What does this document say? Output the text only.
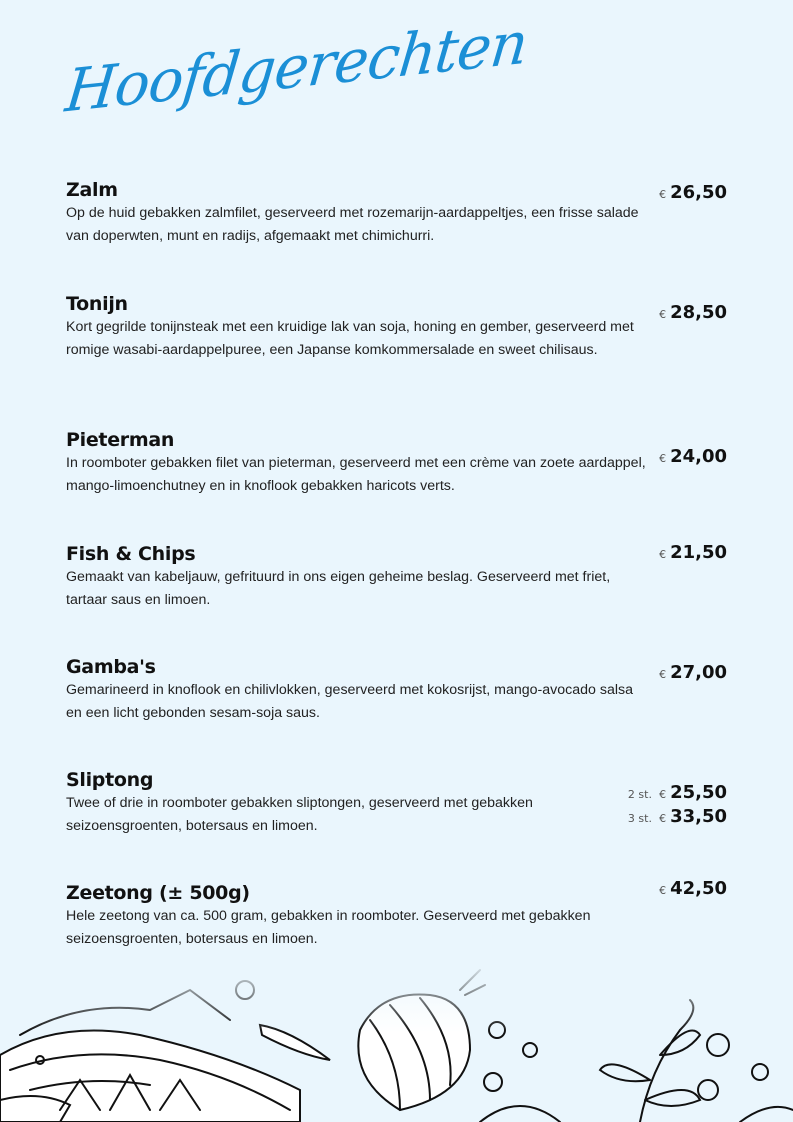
Hoofdgerechten
Zalm
Op de huid gebakken zalmfilet, geserveerd met rozemarijn-aardappeltjes, een frisse salade van doperwten, munt en radijs, afgemaakt met chimichurri.
€ 26,50
Tonijn
Kort gegrilde tonijnsteak met een kruidige lak van soja, honing en gember, geserveerd met romige wasabi-aardappelpuree, een Japanse komkommersalade en sweet chilisaus.
€ 28,50
Pieterman
In roomboter gebakken filet van pieterman, geserveerd met een crème van zoete aardappel, mango-limoenchutney en in knoflook gebakken haricots verts.
€ 24,00
Fish & Chips
Gemaakt van kabeljauw, gefrituurd in ons eigen geheime beslag. Geserveerd met friet, tartaar saus en limoen.
€ 21,50
Gamba's
Gemarineerd in knoflook en chilivlokken, geserveerd met kokosrijst, mango-avocado salsa en een licht gebonden sesam-soja saus.
€ 27,00
Sliptong
Twee of drie in roomboter gebakken sliptongen, geserveerd met gebakken seizoensgroenten, botersaus en limoen.
2 st. € 25,50
3 st. € 33,50
Zeetong (± 500g)
Hele zeetong van ca. 500 gram, gebakken in roomboter. Geserveerd met gebakken seizoensgroenten, botersaus en limoen.
€ 42,50
